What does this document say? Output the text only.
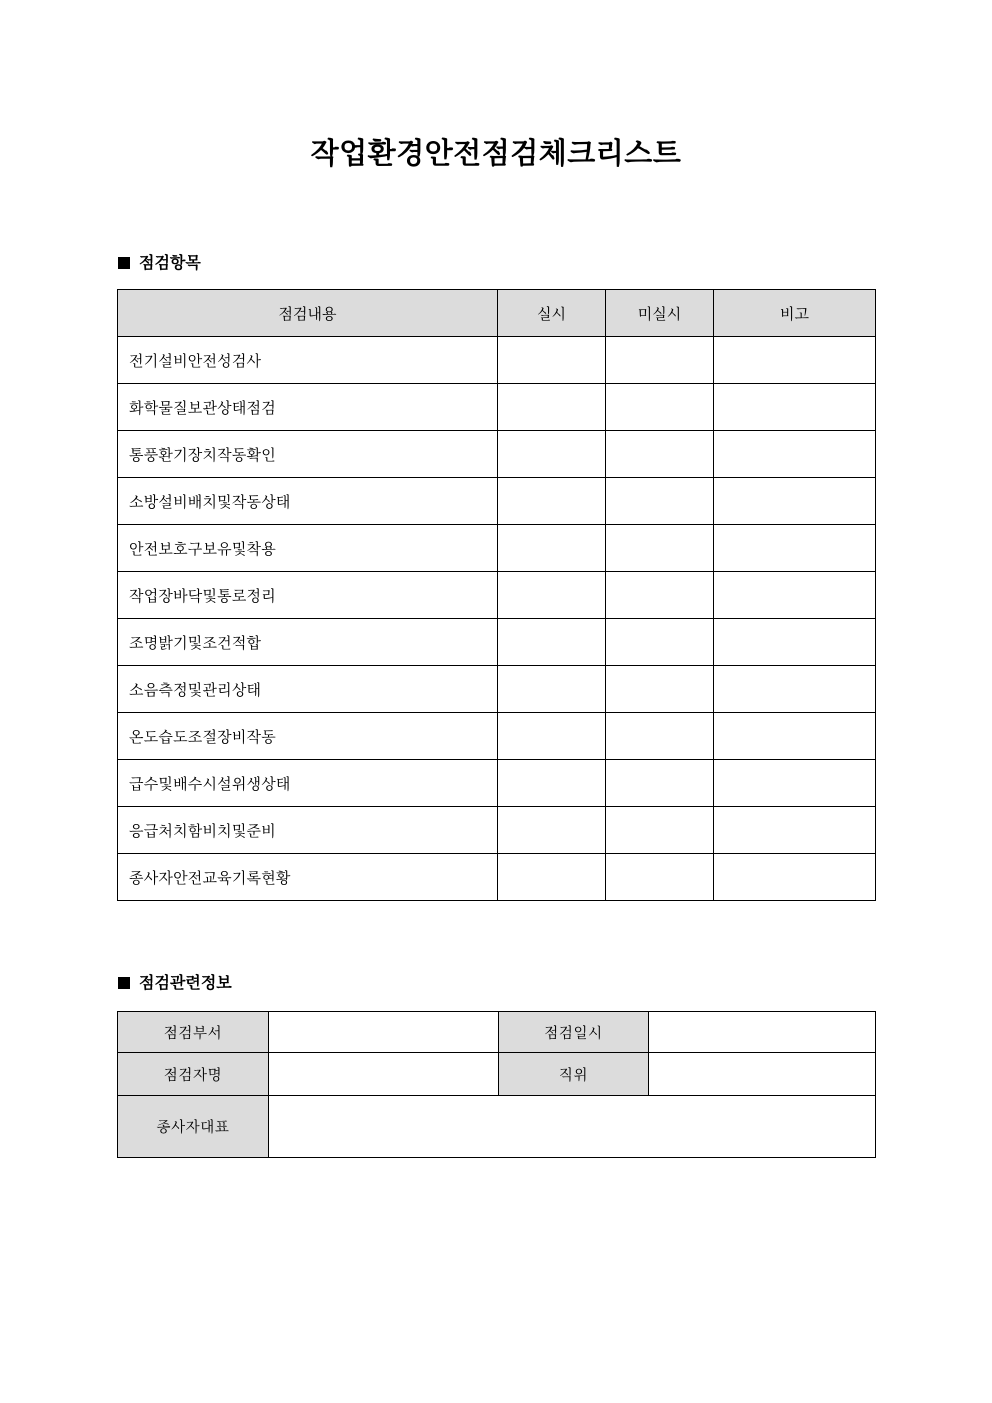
작업환경안전점검체크리스트
점검항목
점검내용	실시	미실시	비고
전기설비안전성검사			
화학물질보관상태점검			
통풍환기장치작동확인			
소방설비배치및작동상태			
안전보호구보유및착용			
작업장바닥및통로정리			
조명밝기및조건적합			
소음측정및관리상태			
온도습도조절장비작동			
급수및배수시설위생상태			
응급처치함비치및준비			
종사자안전교육기록현황			
점검관련정보
점검부서		점검일시	
점검자명		직위	
종사자대표			
